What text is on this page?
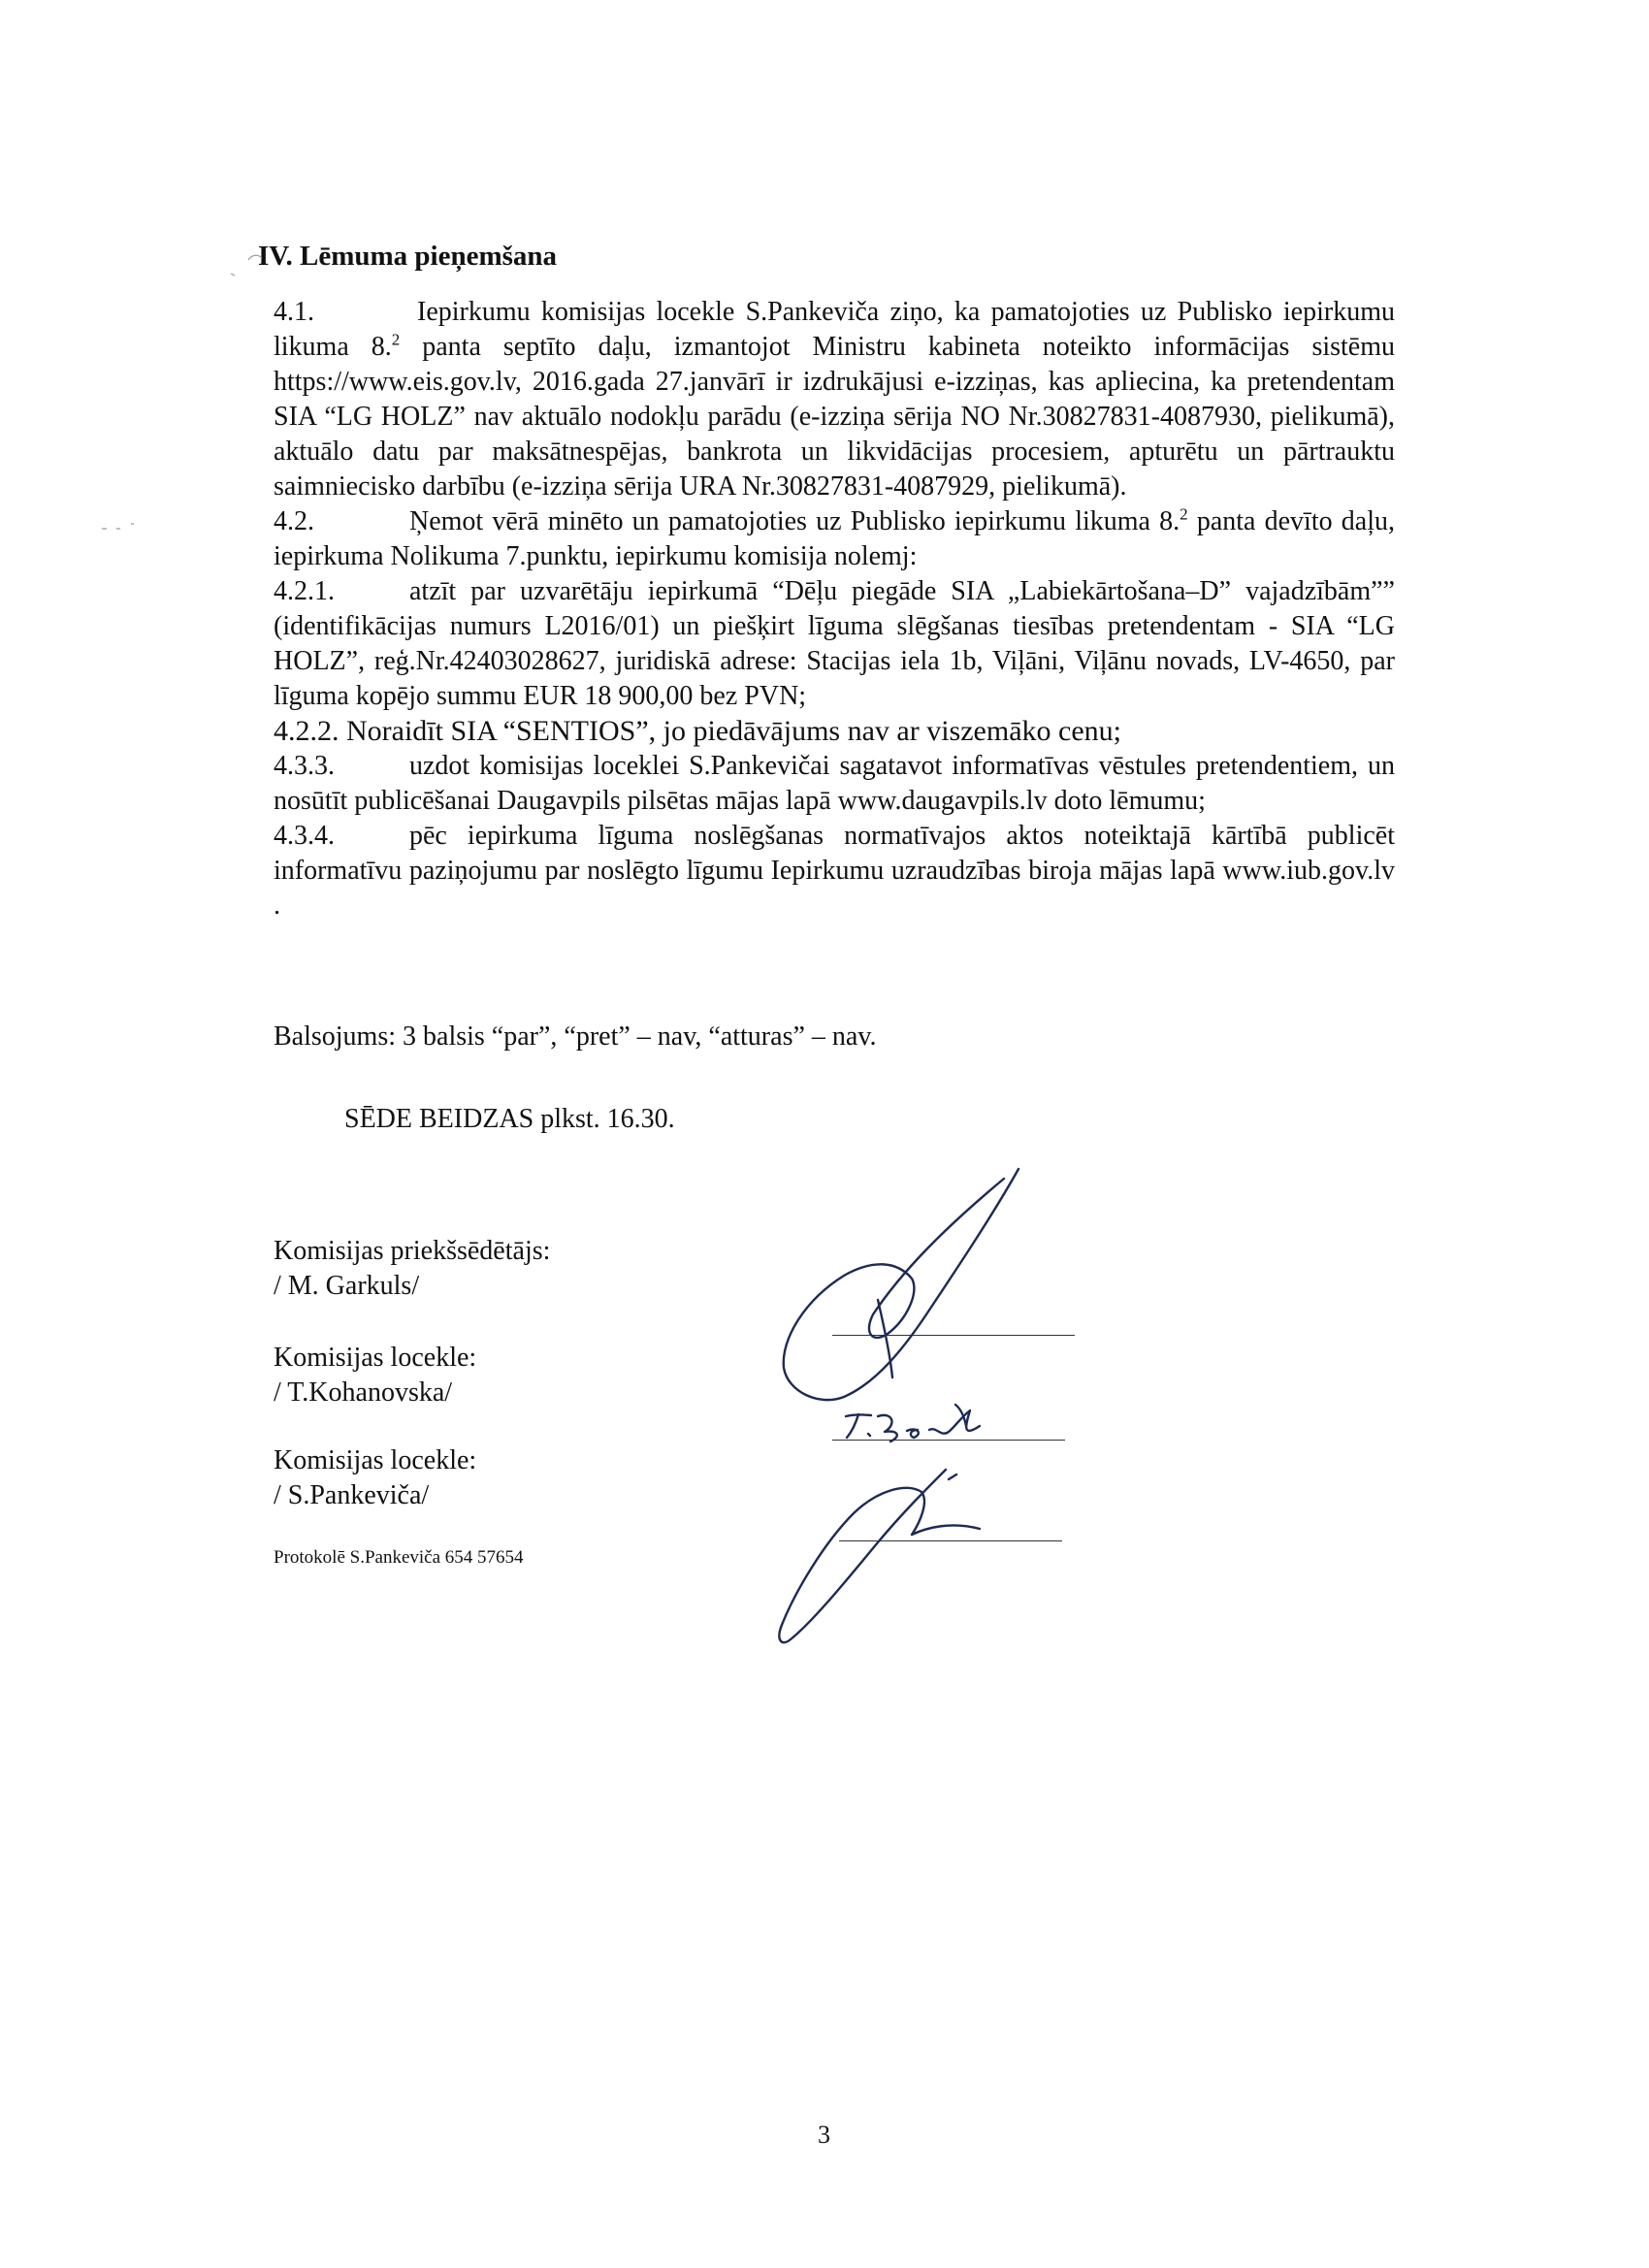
IV. Lēmuma pieņemšana

4.1.	Iepirkumu komisijas locekle S.Pankeviča ziņo, ka pamatojoties uz Publisko iepirkumu likuma 8.$^2$ panta septīto daļu, izmantojot Ministru kabineta noteikto informācijas sistēmu https://www.eis.gov.lv, 2016.gada 27.janvārī ir izdrukājusi e-izziņas, kas apliecina, ka pretendentam SIA “LG HOLZ” nav aktuālo nodokļu parādu (e-izziņa sērija NO Nr.30827831-4087930, pielikumā), aktuālo datu par maksātnespējas, bankrota un likvidācijas procesiem, apturētu un pārtrauktu saimniecisko darbību (e-izziņa sērija URA Nr.30827831-4087929, pielikumā).

4.2.	Ņemot vērā minēto un pamatojoties uz Publisko iepirkumu likuma 8.$^2$ panta devīto daļu, iepirkuma Nolikuma 7.punktu, iepirkumu komisija nolemj:

4.2.1.	atzīt par uzvarētāju iepirkumā “Dēļu piegāde SIA „Labiekārtošana–D” vajadzībām”” (identifikācijas numurs L2016/01) un piešķirt līguma slēgšanas tiesības pretendentam - SIA “LG HOLZ”, reģ.Nr.42403028627, juridiskā adrese: Stacijas iela 1b, Viļāni, Viļānu novads, LV-4650, par līguma kopējo summu EUR 18 900,00 bez PVN;

4.2.2. Noraidīt SIA “SENTIOS”, jo piedāvājums nav ar viszemāko cenu;

4.3.3.	uzdot komisijas loceklei S.Pankevičai sagatavot informatīvas vēstules pretendentiem, un nosūtīt publicēšanai Daugavpils pilsētas mājas lapā www.daugavpils.lv doto lēmumu;

4.3.4.	pēc iepirkuma līguma noslēgšanas normatīvajos aktos noteiktajā kārtībā publicēt informatīvu paziņojumu par noslēgto līgumu Iepirkumu uzraudzības biroja mājas lapā www.iub.gov.lv .

Balsojums: 3 balsis “par”, “pret” – nav, “atturas” – nav.
SĒDE BEIDZAS plkst. 16.30.
Komisijas priekšsēdētājs:
/ M. Garkuls/
Komisijas locekle:
/ T.Kohanovska/
Komisijas locekle:
/ S.Pankeviča/
Protokolē S.Pankeviča 654 57654
3
